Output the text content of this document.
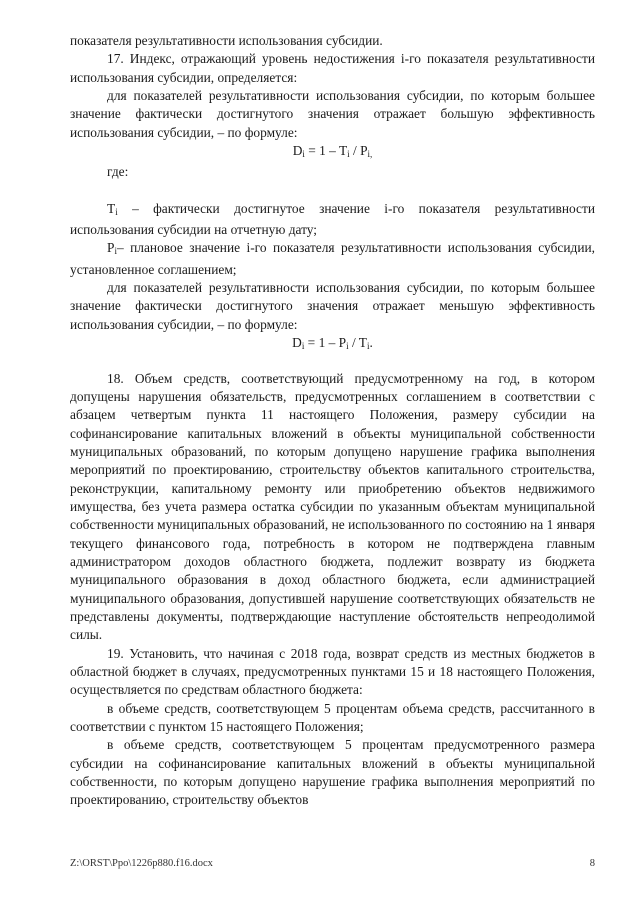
показателя результативности использования субсидии.

17. Индекс, отражающий уровень недостижения i-го показателя результативности использования субсидии, определяется:

для показателей результативности использования субсидии, по которым большее значение фактически достигнутого значения отражает большую эффективность использования субсидии, – по формуле:

$D_i = 1 - T_i / P_{i,}$

где:

$T_i$ – фактически достигнутое значение i-го показателя результативности использования субсидии на отчетную дату;

$P_i-$ плановое значение i-го показателя результативности использования субсидии, установленное соглашением;

для показателей результативности использования субсидии, по которым большее значение фактически достигнутого значения отражает меньшую эффективность использования субсидии, – по формуле:

$D_i = 1 - P_i / T_i$.

18. Объем средств, соответствующий предусмотренному на год, в котором допущены нарушения обязательств, предусмотренных соглашением в соответствии с абзацем четвертым пункта 11 настоящего Положения, размеру субсидии на софинансирование капитальных вложений в объекты муниципальной собственности муниципальных образований, по которым допущено нарушение графика выполнения мероприятий по проектированию, строительству объектов капитального строительства, реконструкции, капитальному ремонту или приобретению объектов недвижимого имущества, без учета размера остатка субсидии по указанным объектам муниципальной собственности муниципальных образований, не использованного по состоянию на 1 января текущего финансового года, потребность в котором не подтверждена главным администратором доходов областного бюджета, подлежит возврату из бюджета муниципального образования в доход областного бюджета, если администрацией муниципального образования, допустившей нарушение соответствующих обязательств не представлены документы, подтверждающие наступление обстоятельств непреодолимой силы.

19. Установить, что начиная с 2018 года, возврат средств из местных бюджетов в областной бюджет в случаях, предусмотренных пунктами 15 и 18 настоящего Положения, осуществляется по средствам областного бюджета:

в объеме средств, соответствующем 5 процентам объема средств, рассчитанного в соответствии с пунктом 15 настоящего Положения;

в объеме средств, соответствующем 5 процентам предусмотренного размера субсидии на софинансирование капитальных вложений в объекты муниципальной собственности, по которым допущено нарушение графика выполнения мероприятий по проектированию, строительству объектов

Z:\ORST\Ppo\1226p880.f16.docx	8
